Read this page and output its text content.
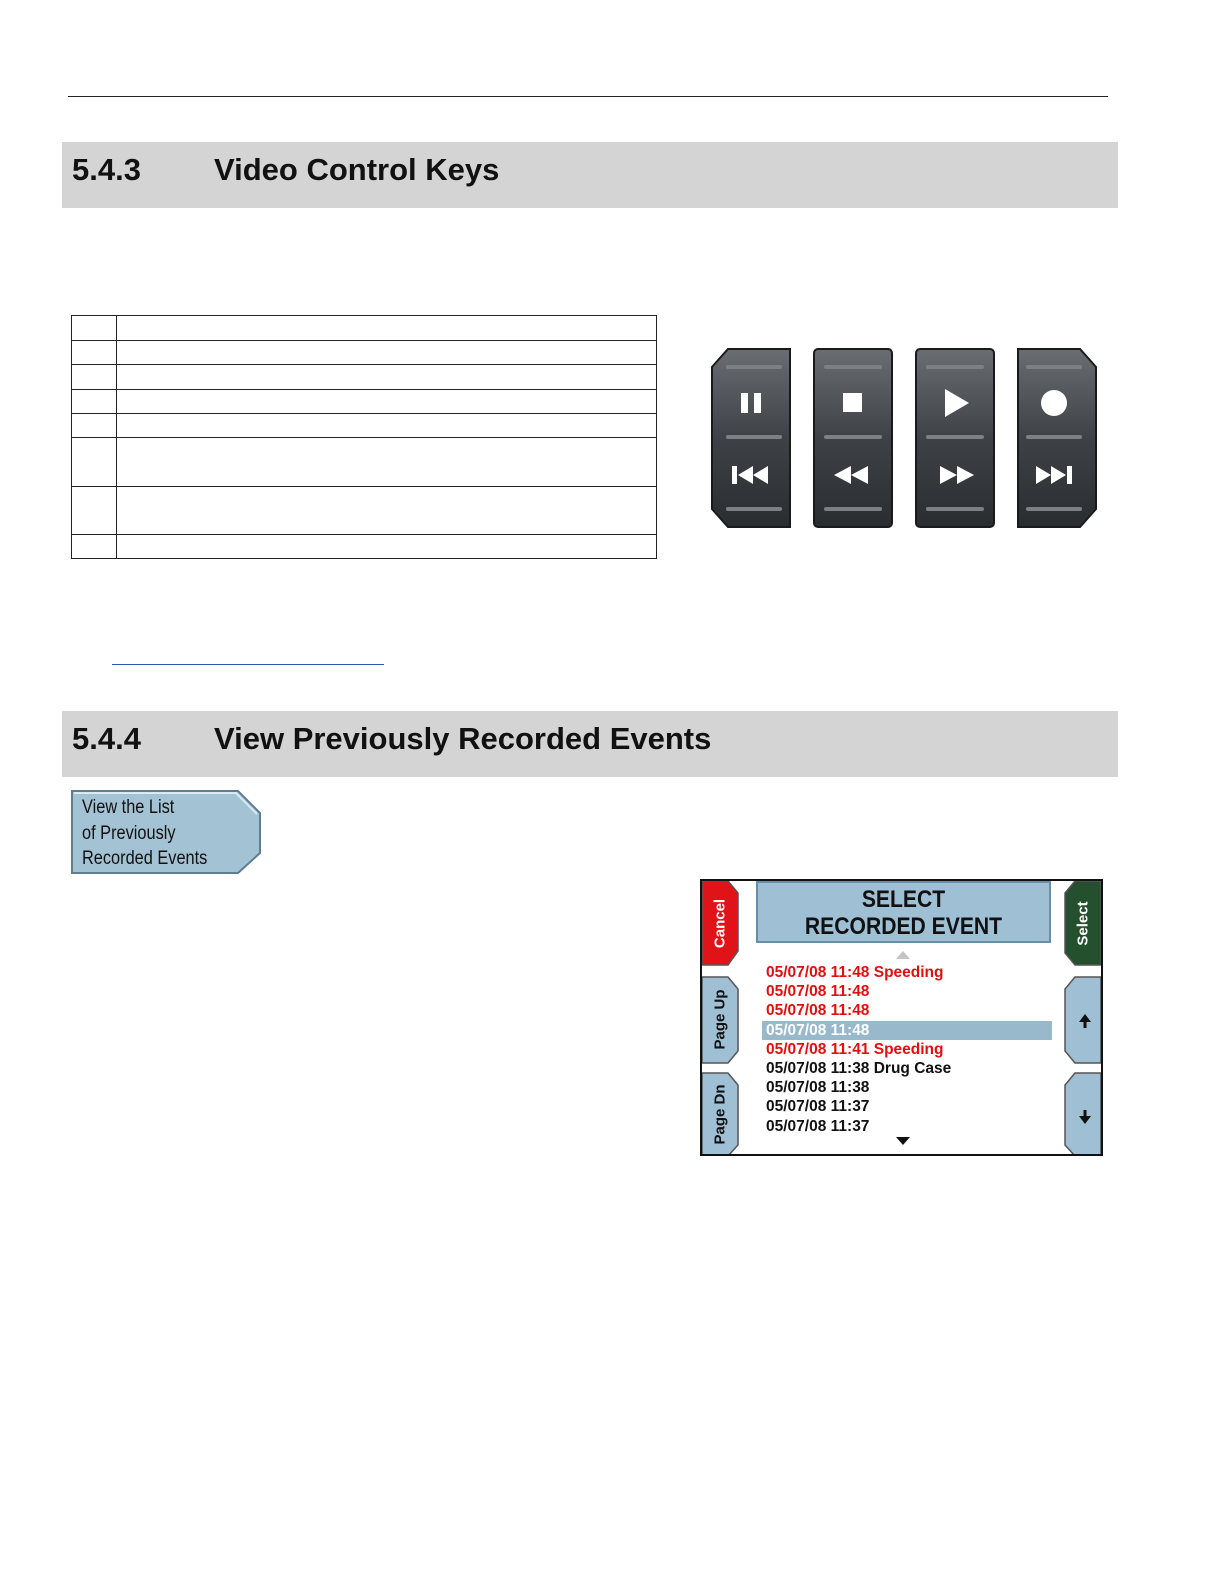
5.4.3 Video Control Keys

5.4.4 View Previously Recorded Events
View the List
of Previously
Recorded Events
Cancel
Page Up
Page Dn
Select
SELECT
RECORDED EVENT
05/07/08 11:48 Speeding
05/07/08 11:48
05/07/08 11:48
05/07/08 11:48
05/07/08 11:41 Speeding
05/07/08 11:38 Drug Case
05/07/08 11:38
05/07/08 11:37
05/07/08 11:37
